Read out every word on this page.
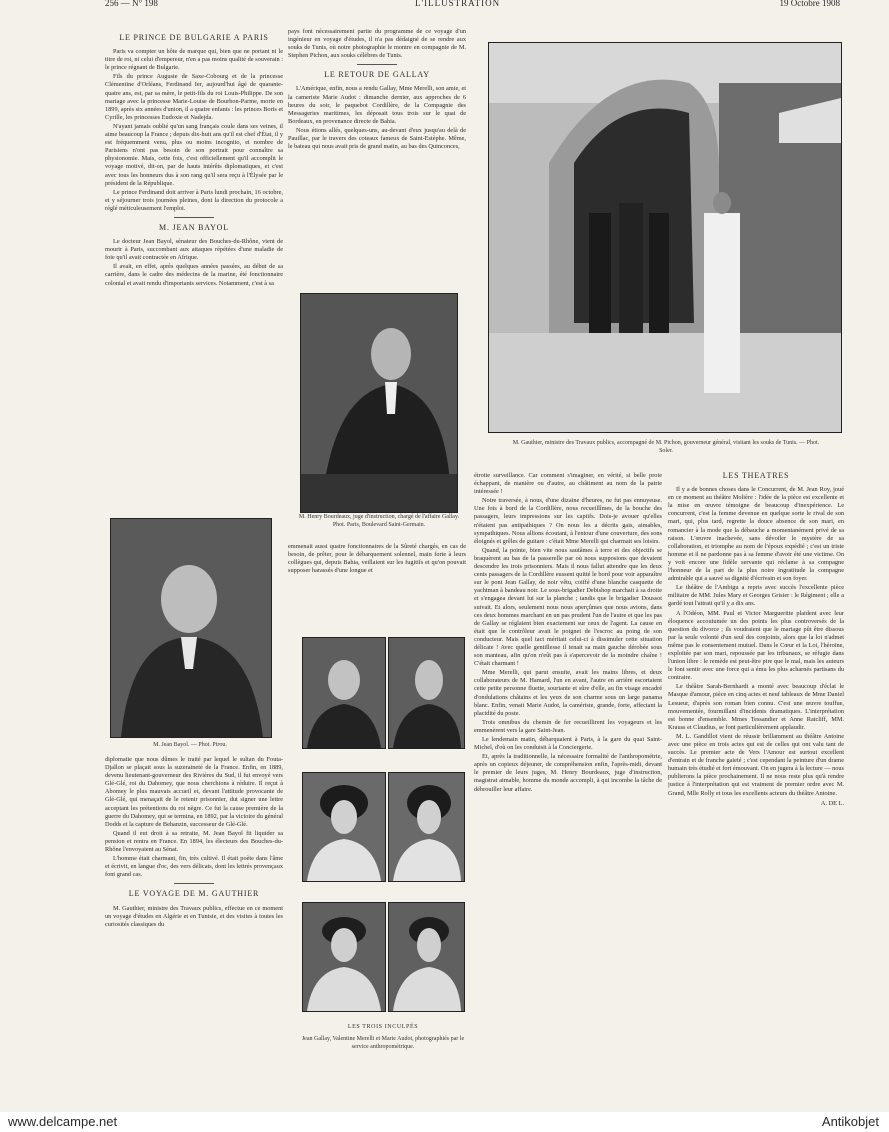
256 — N° 198	L'ILLUSTRATION	19 Octobre 1908
LE PRINCE DE BULGARIE A PARIS

Paris va compter un hôte de marque qui, bien que ne portant ni le titre de roi, ni celui d'empereur, n'en a pas moins qualité de souverain : le prince régnant de Bulgarie.

Fils du prince Auguste de Saxe-Cobourg et de la princesse Clémentine d'Orléans, Ferdinand Ier, aujourd'hui âgé de quarante-quatre ans, est, par sa mère, le petit-fils du roi Louis-Philippe. De son mariage avec la princesse Marie-Louise de Bourbon-Parme, morte en 1899, après six années d'union, il a quatre enfants : les princes Boris et Cyrille, les princesses Eudoxie et Nadejda.

N'ayant jamais oublié qu'un sang français coule dans ses veines, il aime beaucoup la France ; depuis dix-huit ans qu'il est chef d'État, il y est fréquemment venu, plus ou moins incognito, et nombre de Parisiens n'ont pas besoin de son portrait pour connaître sa physionomie. Mais, cette fois, c'est officiellement qu'il accomplit le voyage motivé, dit-on, par de hauts intérêts diplomatiques, et c'est avec tous les honneurs dus à son rang qu'il sera reçu à l'Élysée par le président de la République.

Le prince Ferdinand doit arriver à Paris lundi prochain, 16 octobre, et y séjourner trois journées pleines, dont la direction du protocole a réglé méticuleusement l'emploi.

M. JEAN BAYOL

Le docteur Jean Bayol, sénateur des Bouches-du-Rhône, vient de mourir à Paris, succombant aux attaques répétées d'une maladie de foie qu'il avait contractée en Afrique.

Il avait, en effet, après quelques années passées, au début de sa carrière, dans le cadre des médecins de la marine, été fonctionnaire colonial et avait rendu d'importants services. Notamment, c'est à sa

M. Jean Bayol. — Phot. Pirou.

diplomatie que nous dûmes le traité par lequel le sultan du Fouta-Djallon se plaçait sous la suzeraineté de la France. Enfin, en 1889, devenu lieutenant-gouverneur des Rivières du Sud, il fut envoyé vers Glé-Glé, roi du Dahomey, que nous cherchions à réduire. Il reçut à Abomey le plus mauvais accueil et, devant l'attitude provocante de Glé-Glé, qui menaçait de le retenir prisonnier, dut signer une lettre acceptant les prétentions du roi nègre. Ce fut la cause première de la guerre du Dahomey, qui se termina, en 1892, par la victoire du général Dodds et la capture de Behanzin, successeur de Glé-Glé.

Quand il eut droit à sa retraite, M. Jean Bayol fit liquider sa pension et rentra en France. En 1894, les électeurs des Bouches-du-Rhône l'envoyaient au Sénat.

L'homme était charmant, fin, très cultivé. Il était poète dans l'âme et écrivit, en langue d'oc, des vers délicats, dont les lettrés provençaux font grand cas.

LE VOYAGE DE M. GAUTHIER

M. Gauthier, ministre des Travaux publics, effectue en ce moment un voyage d'études en Algérie et en Tunisie, et des visites à toutes les curiosités classiques du

pays font nécessairement partie du programme de ce voyage d'un ingénieur en voyage d'études, il n'a pas dédaigné de se rendre aux souks de Tunis, où notre photographie le montre en compagnie de M. Stephen Pichon, aux souks célèbres de Tunis.

LE RETOUR DE GALLAY

L'Amérique, enfin, nous a rendu Gallay, Mme Merelli, son amie, et la cameriste Marie Audot : dimanche dernier, aux approches de 6 heures du soir, le paquebot Cordillère, de la Compagnie des Messageries maritimes, les déposait tous trois sur le quai de Bordeaux, en provenance directe de Bahia.

Nous étions allés, quelques-uns, au-devant d'eux jusqu'au delà de Pauillac, par le travers des coteaux fameux de Saint-Estèphe. Même, le bateau qui nous avait pris de grand matin, au bas des Quinconces,

M. Henry Bourdeaux, juge d'instruction, chargé de l'affaire Gallay. Phot. Paris, Boulevard Saint-Germain.

emmenait aussi quatre fonctionnaires de la Sûreté chargés, en cas de besoin, de prêter, pour le débarquement solennel, main forte à leurs collègues qui, depuis Bahia, veillaient sur les fugitifs et qu'on pouvait supposer harassés d'une longue et

LES TROIS INCULPÉS
Jean Gallay, Valentine Merelli et Marie Audot, photographiés par le service anthropométrique.
M. Gauthier, ministre des Travaux publics, accompagné de M. Pichon, gouverneur général, visitant les souks de Tunis. — Phot. Soler.

étroite surveillance. Car comment s'imaginer, en vérité, si belle proie échappant, de manière ou d'autre, au châtiment au nom de la patrie intéressée !

Notre traversée, à nous, d'une dizaine d'heures, ne fut pas ennuyeuse. Une fois à bord de la Cordillère, nous recueillîmes, de la bouche des passagers, leurs impressions sur les captifs. Dois-je avouer qu'elles n'étaient pas antipathiques ? On nous les a décrits gais, aimables, sympathiques. Nous allions écoutant, à l'entour d'une couverture, des sons éloignés et grêles de guitare : c'était Mme Merelli qui charmait ses loisirs.

Quand, la pointe, bien vite nous sautâmes à terre et des objectifs se braquèrent au bas de la passerelle par où nous supposions que devaient descendre les trois prisonniers. Mais il nous fallut attendre que les deux cents passagers de la Cordillère eussent quitté le bord pour voir apparaître sur le pont Jean Gallay, de noir vêtu, coiffé d'une blanche casquette de yachtman à bandeau noir. Le sous-brigadier Debishop marchait à sa droite et s'engagea devant lui sur la planche ; tandis que le brigadier Doussot suivait. Et alors, seulement nous nous aperçûmes que nous avions, dans ces deux hommes marchant en un pas prudent l'un de l'autre et que les pas de Gallay se réglaient bien exactement sur ceux de l'agent. La cause en était que le contrôleur avait le poignet de l'escroc au poing de son conducteur. Mais quel tact méritait celui-ci à dissimuler cette situation délicate ! Avec quelle gentillesse il tenait sa main gauche dérobée sous son manteau, afin qu'on n'eût pas à s'apercevoir de la moindre chaîne ! C'était charmant !

Mme Merelli, qui parut ensuite, avait les mains libres, et deux collaborateurs de M. Hamard, l'un en avant, l'autre en arrière escortaient cette petite personne fluette, souriante et sûre d'elle, au fin visage encadré d'ondulations châtains et les yeux de son charme sous un large panama blanc. Enfin, venait Marie Audot, la camériste, grande, forte, affectant la placidité du poste.

Trois omnibus du chemin de fer recueillirent les voyageurs et les emmenèrent vers la gare Saint-Jean.

Le lendemain matin, débarquaient à Paris, à la gare du quai Saint-Michel, d'où on les conduisit à la Conciergerie.

Et, après la traditionnelle, la nécessaire formalité de l'anthropométrie, après un copieux déjeuner, de compréhension enfin, l'après-midi, devant le premier de leurs juges, M. Henry Bourdeaux, juge d'instruction, magistrat aimable, homme du monde accompli, à qui incombe la tâche de débrouiller leur affaire.

LES THÉÂTRES

Il y a de bonnes choses dans le Concurrent, de M. Jean Roy, joué en ce moment au théâtre Molière : l'idée de la pièce est excellente et la mise en œuvre témoigne de beaucoup d'inexpérience. Le concurrent, c'est la femme devenue en quelque sorte le rival de son mari, qui, plus tard, regrette la douce absence de son mari, en romancier à la mode que la débauche a momentanément privé de sa raison. L'œuvre inachevée, sans dévoiler le mystère de sa collaboration, et triomphe au nom de l'époux expédié ; c'est un triste homme et il ne pardonne pas à sa femme d'avoir été une victime. On y voit encore une fidèle servante qui réclame à sa compagne l'honneur de la part de la plus noire ingratitude la compagne admirable qui a sauvé sa dignité d'écrivain et son foyer.

Le théâtre de l'Ambigu a repris avec succès l'excellente pièce militaire de MM. Jules Mary et Georges Grisier : le Régiment ; elle a gardé tout l'attrait qu'il y a dix ans.

A l'Odéon, MM. Paul et Victor Margueritte plaident avec leur éloquence accoutumée un des points les plus controversés de la question du divorce ; ils voudraient que le mariage pût être dissous par la seule volonté d'un seul des conjoints, alors que la loi n'admet même pas le consentement mutuel. Dans le Cœur et la Loi, l'héroïne, exploitée par son mari, repoussée par les tribunaux, se réfugie dans l'union libre : le remède est peut-être pire que le mal, mais les auteurs le font sentir avec une force qui a ému les plus acharnés partisans du contraire.

Le théâtre Sarah-Bernhardt a monté avec beaucoup d'éclat le Masque d'amour, pièce en cinq actes et neuf tableaux de Mme Daniel Lesueur, d'après son roman bien connu. C'est une œuvre touffue, mouvementée, fourmillant d'incidents dramatiques. L'interprétation est bonne d'ensemble. Mmes Tessandier et Anne Ratcliff, MM. Krauss et Claudius, se font particulièrement applaudir.

M. L. Gandillot vient de réussir brillamment au théâtre Antoine avec une pièce en trois actes qui est de celles qui ont valu tant de succès. Le premier acte de Vers l'Amour est surtout excellent d'entrain et de franche gaieté ; c'est cependant la peinture d'un drame humain très étudié et fort émouvant. On en jugera à la lecture — nous publierons la pièce prochainement. Il ne nous reste plus qu'à rendre justice à l'interprétation qui est vraiment de premier ordre avec M. Grand, Mlle Rolly et tous les excellents acteurs du théâtre Antoine.

A. DE L.
www.delcampe.net	Antikobjet
